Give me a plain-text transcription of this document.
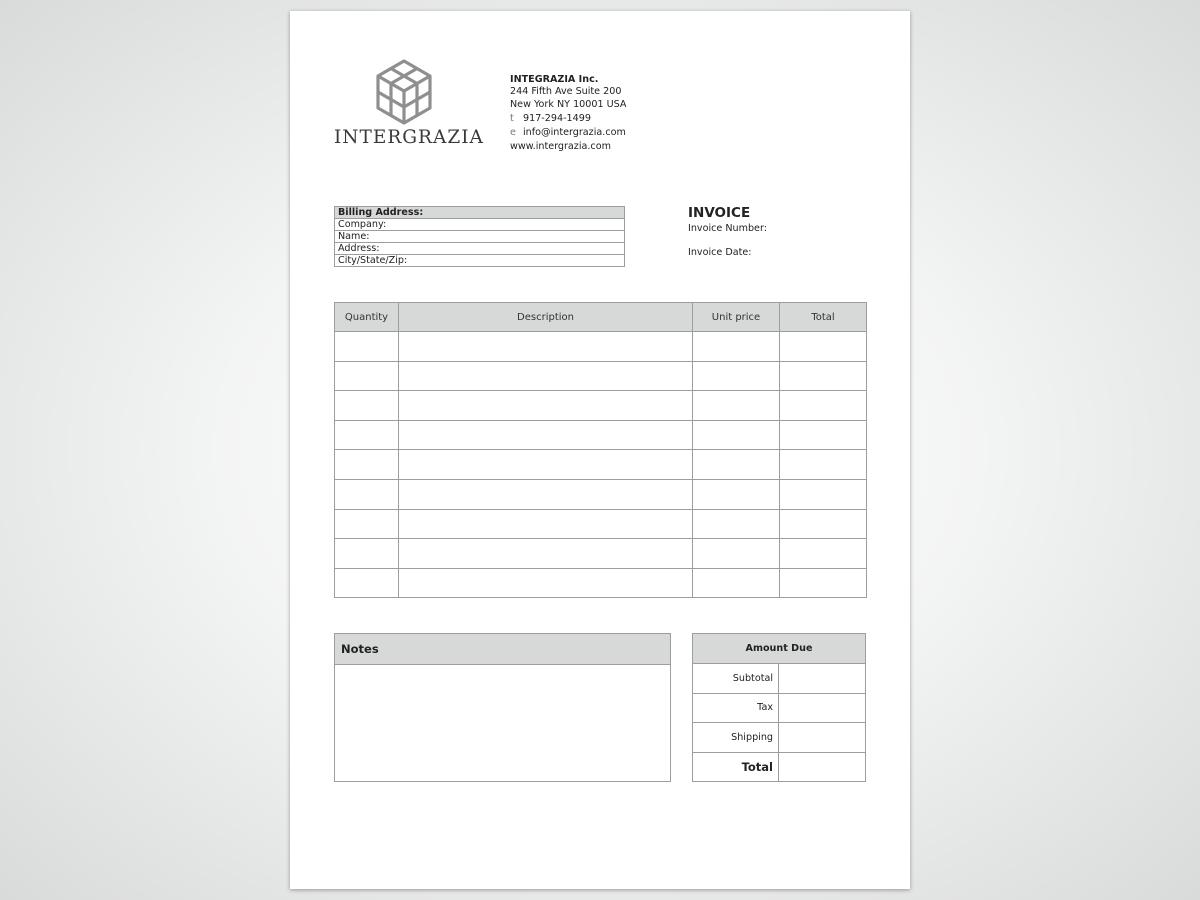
INTERGRAZIA
INTEGRAZIA Inc.
244 Fifth Ave Suite 200
New York NY 10001 USA
t 917-294-1499
e info@intergrazia.com
www.intergrazia.com
Billing Address:
Company:
Name:
Address:
City/State/Zip:
INVOICE
Invoice Number:
Invoice Date:
Quantity	Description	Unit price	Total

Notes	Amount Due	
Subtotal	
Tax	
Shipping	
Total	
